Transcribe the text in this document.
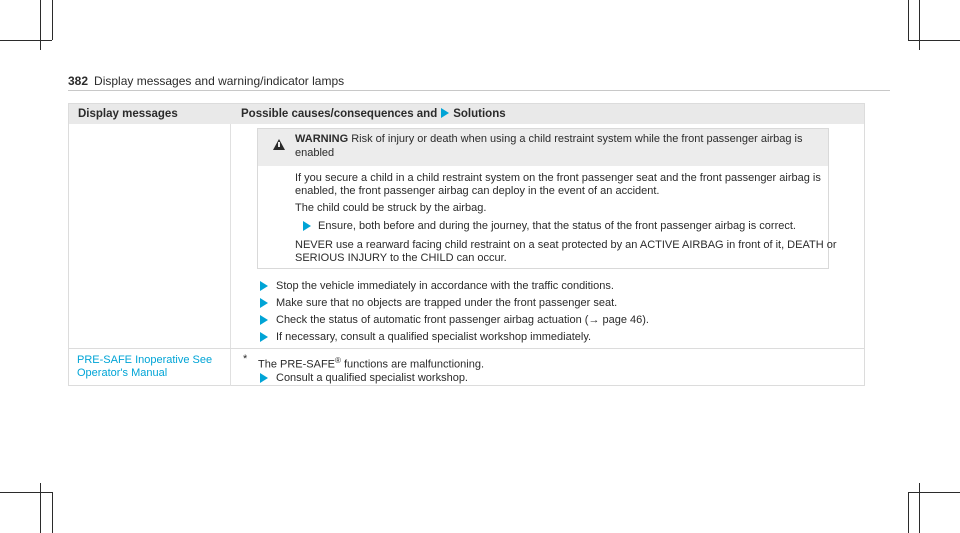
382 Display messages and warning/indicator lamps
Display messages	Possible causes/consequences and Solutions
WARNING Risk of injury or death when using a child restraint system while the front passenger airbag is
enabled
If you secure a child in a child restraint system on the front passenger seat and the front passenger airbag is
enabled, the front passenger airbag can deploy in the event of an accident.
The child could be struck by the airbag.
Ensure, both before and during the journey, that the status of the front passenger airbag is correct.
NEVER use a rearward facing child restraint on a seat protected by an ACTIVE AIRBAG in front of it, DEATH or
SERIOUS INJURY to the CHILD can occur.
Stop the vehicle immediately in accordance with the traffic conditions.
Make sure that no objects are trapped under the front passenger seat.
Check the status of automatic front passenger airbag actuation (→ page 46).
If necessary, consult a qualified specialist workshop immediately.
PRE-SAFE Inoperative See
Operator's Manual
* The PRE-SAFE® functions are malfunctioning.
Consult a qualified specialist workshop.
